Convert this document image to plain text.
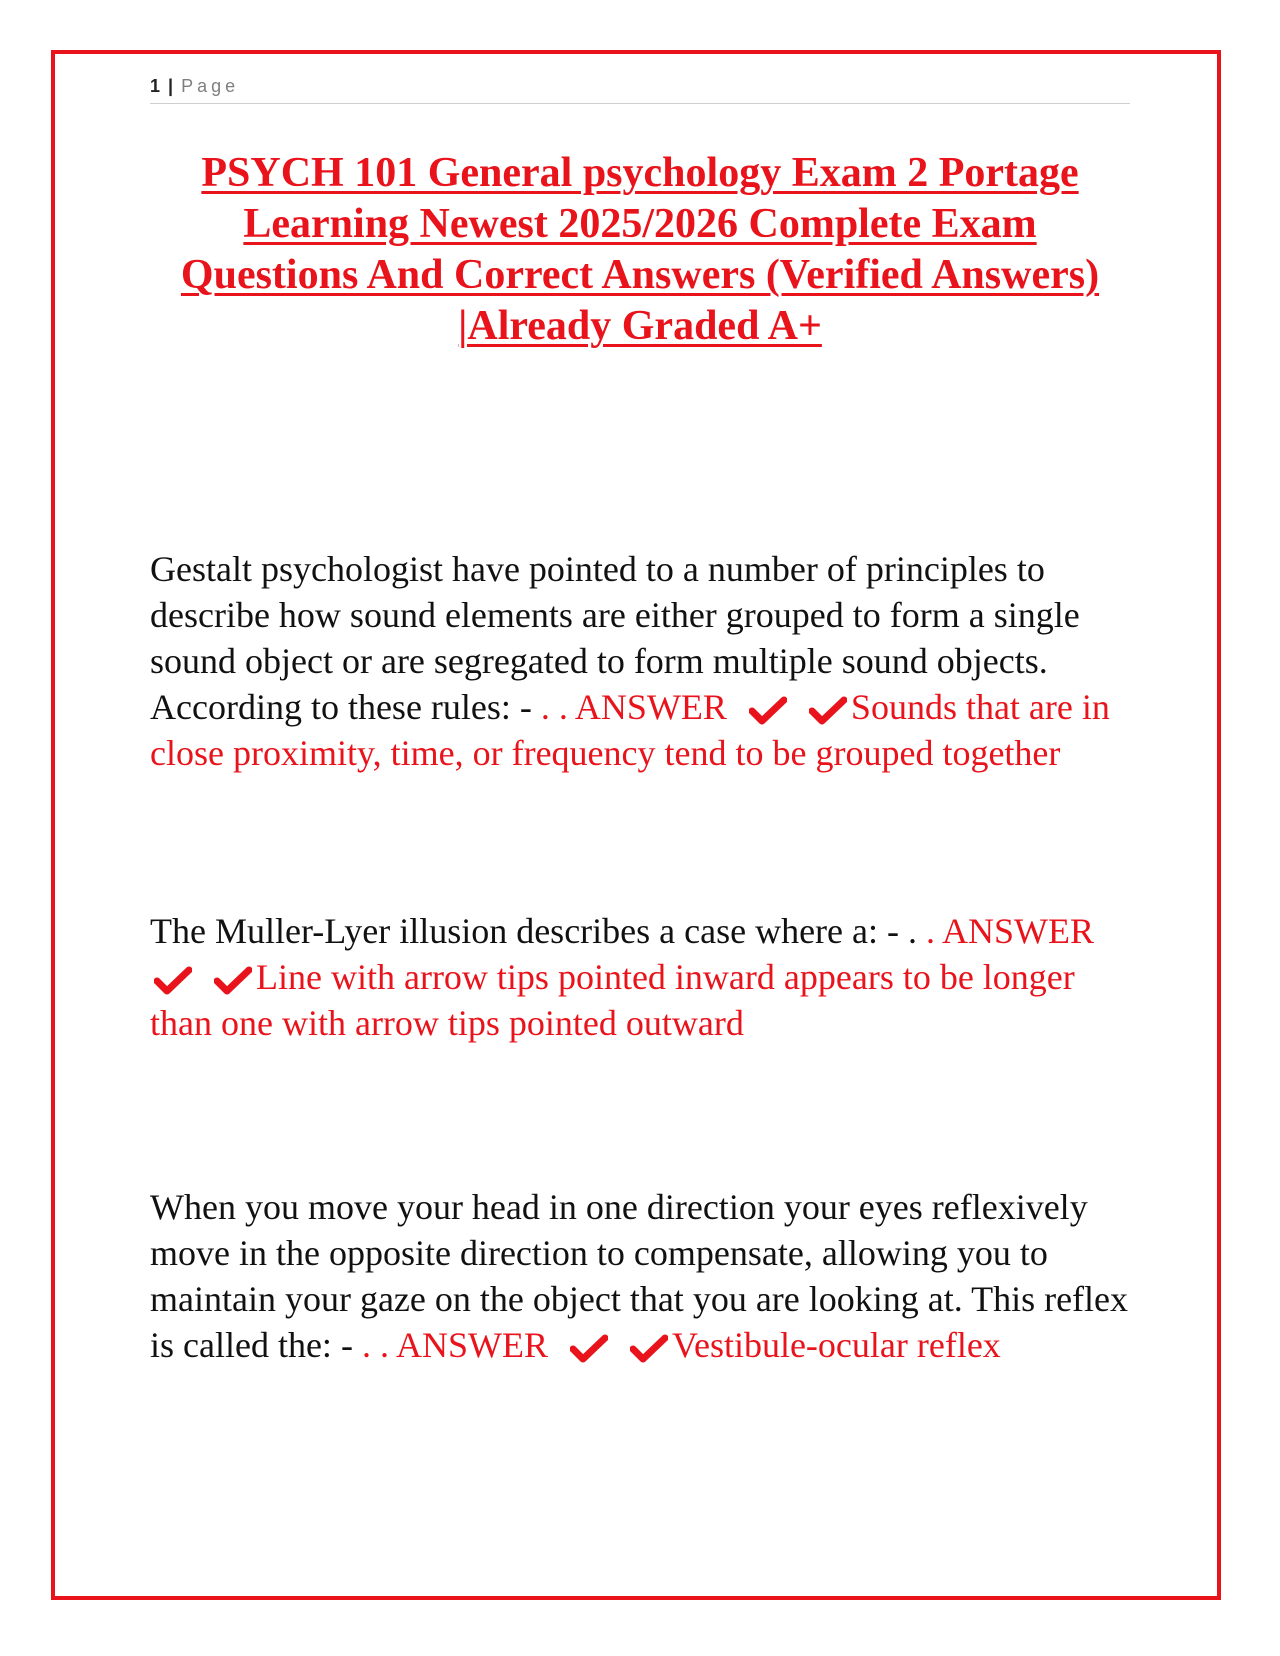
1 | Page
PSYCH 101 General psychology Exam 2 Portage Learning Newest 2025/2026 Complete Exam Questions And Correct Answers (Verified Answers) |Already Graded A+

Gestalt psychologist have pointed to a number of principles to describe how sound elements are either grouped to form a single sound object or are segregated to form multiple sound objects. According to these rules: - . . ANSWER	Sounds that are in close proximity, time, or frequency tend to be grouped together

The Muller-Lyer illusion describes a case where a: - . . ANSWER
Line with arrow tips pointed inward appears to be longer than one with arrow tips pointed outward

When you move your head in one direction your eyes reflexively move in the opposite direction to compensate, allowing you to maintain your gaze on the object that you are looking at. This reflex is called the: - . . ANSWER	Vestibule-ocular reflex
